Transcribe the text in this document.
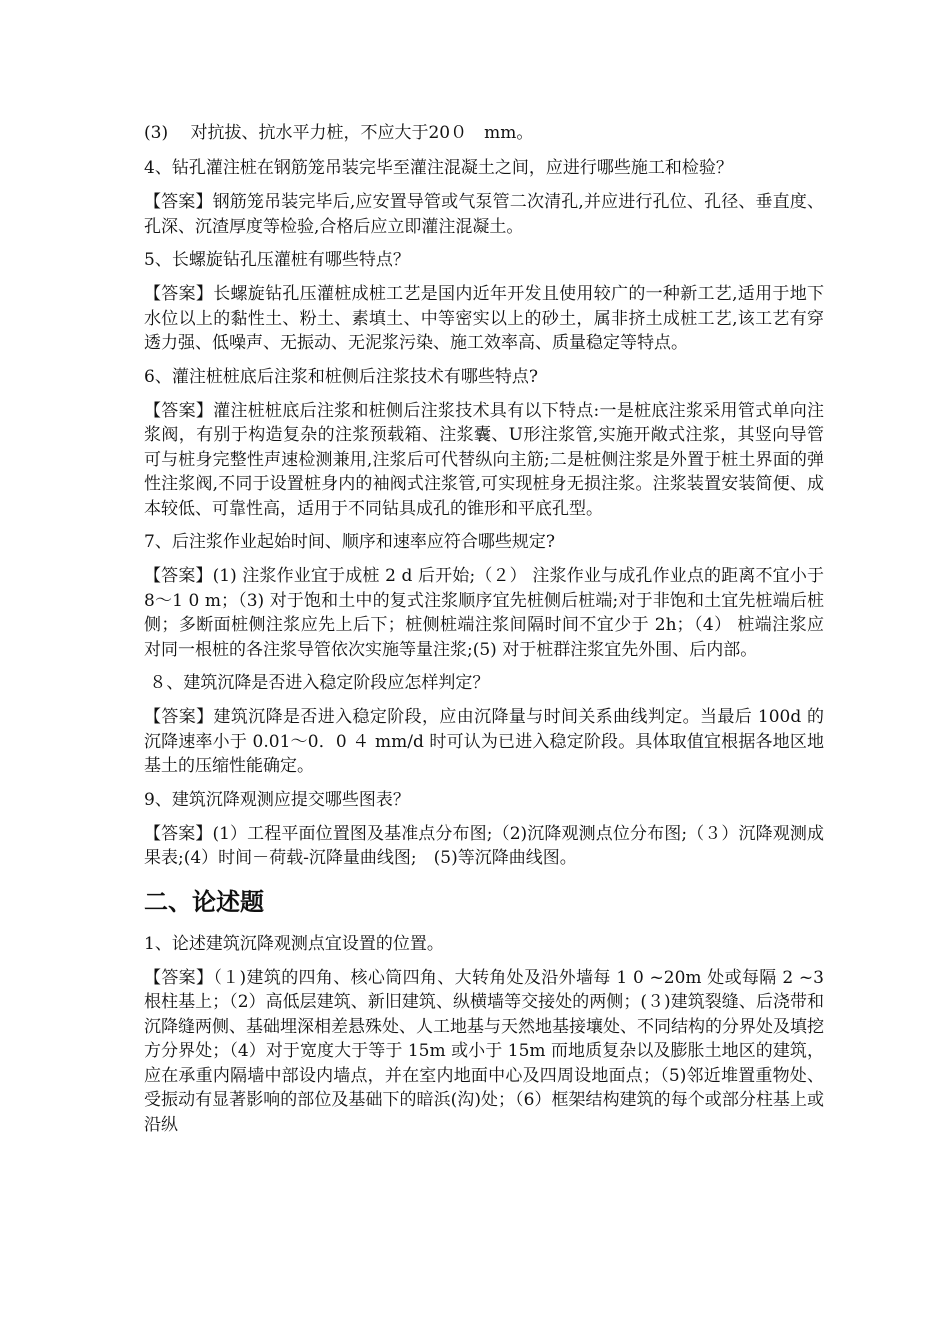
(3)　 对抗拔、抗水平力桩，不应大于20０　mm。

4、钻孔灌注桩在钢筋笼吊装完毕至灌注混凝土之间，应进行哪些施工和检验？

【答案】钢筋笼吊装完毕后,应安置导管或气泵管二次清孔,并应进行孔位、孔径、垂直度、孔深、沉渣厚度等检验,合格后应立即灌注混凝土。

5、长螺旋钻孔压灌桩有哪些特点？

【答案】长螺旋钻孔压灌桩成桩工艺是国内近年开发且使用较广的一种新工艺,适用于地下水位以上的黏性土、粉土、素填土、中等密实以上的砂土，属非挤土成桩工艺,该工艺有穿透力强、低噪声、无振动、无泥浆污染、施工效率高、质量稳定等特点。

6、灌注桩桩底后注浆和桩侧后注浆技术有哪些特点?

【答案】灌注桩桩底后注浆和桩侧后注浆技术具有以下特点:一是桩底注浆采用管式单向注浆阀，有别于构造复杂的注浆预载箱、注浆囊、U形注浆管,实施开敞式注浆，其竖向导管可与桩身完整性声速检测兼用,注浆后可代替纵向主筋;二是桩侧注浆是外置于桩土界面的弹性注浆阀,不同于设置桩身内的袖阀式注浆管,可实现桩身无损注浆。注浆装置安装简便、成本较低、可靠性高，适用于不同钻具成孔的锥形和平底孔型。

7、后注浆作业起始时间、顺序和速率应符合哪些规定?

【答案】(1) 注浆作业宜于成桩 2 d 后开始;（２） 注浆作业与成孔作业点的距离不宜小于 8～1 0 m；（3) 对于饱和土中的复式注浆顺序宜先桩侧后桩端;对于非饱和土宜先桩端后桩侧；多断面桩侧注浆应先上后下；桩侧桩端注浆间隔时间不宜少于 2h；（4） 桩端注浆应对同一根桩的各注浆导管依次实施等量注浆;(5) 对于桩群注浆宜先外围、后内部。

８、建筑沉降是否进入稳定阶段应怎样判定？

【答案】建筑沉降是否进入稳定阶段，应由沉降量与时间关系曲线判定。当最后 100d 的沉降速率小于 0.01～0．0 ４ mm/d 时可认为已进入稳定阶段。具体取值宜根据各地区地基土的压缩性能确定。

9、建筑沉降观测应提交哪些图表？

【答案】(1）工程平面位置图及基准点分布图;（2)沉降观测点位分布图;（３）沉降观测成果表;(4）时间－荷载-沉降量曲线图;　(5)等沉降曲线图。

二、论述题

1、论述建筑沉降观测点宜设置的位置。

【答案】（１)建筑的四角、核心筒四角、大转角处及沿外墙每 1 0 ~20m 处或每隔 2 ~3 根柱基上；（2）高低层建筑、新旧建筑、纵横墙等交接处的两侧；(３)建筑裂缝、后浇带和沉降缝两侧、基础埋深相差悬殊处、人工地基与天然地基接壤处、不同结构的分界处及填挖方分界处；（4）对于宽度大于等于 15m 或小于 15m 而地质复杂以及膨胀土地区的建筑，应在承重内隔墙中部设内墙点，并在室内地面中心及四周设地面点；（5)邻近堆置重物处、受振动有显著影响的部位及基础下的暗浜(沟)处；（6）框架结构建筑的每个或部分柱基上或沿纵
